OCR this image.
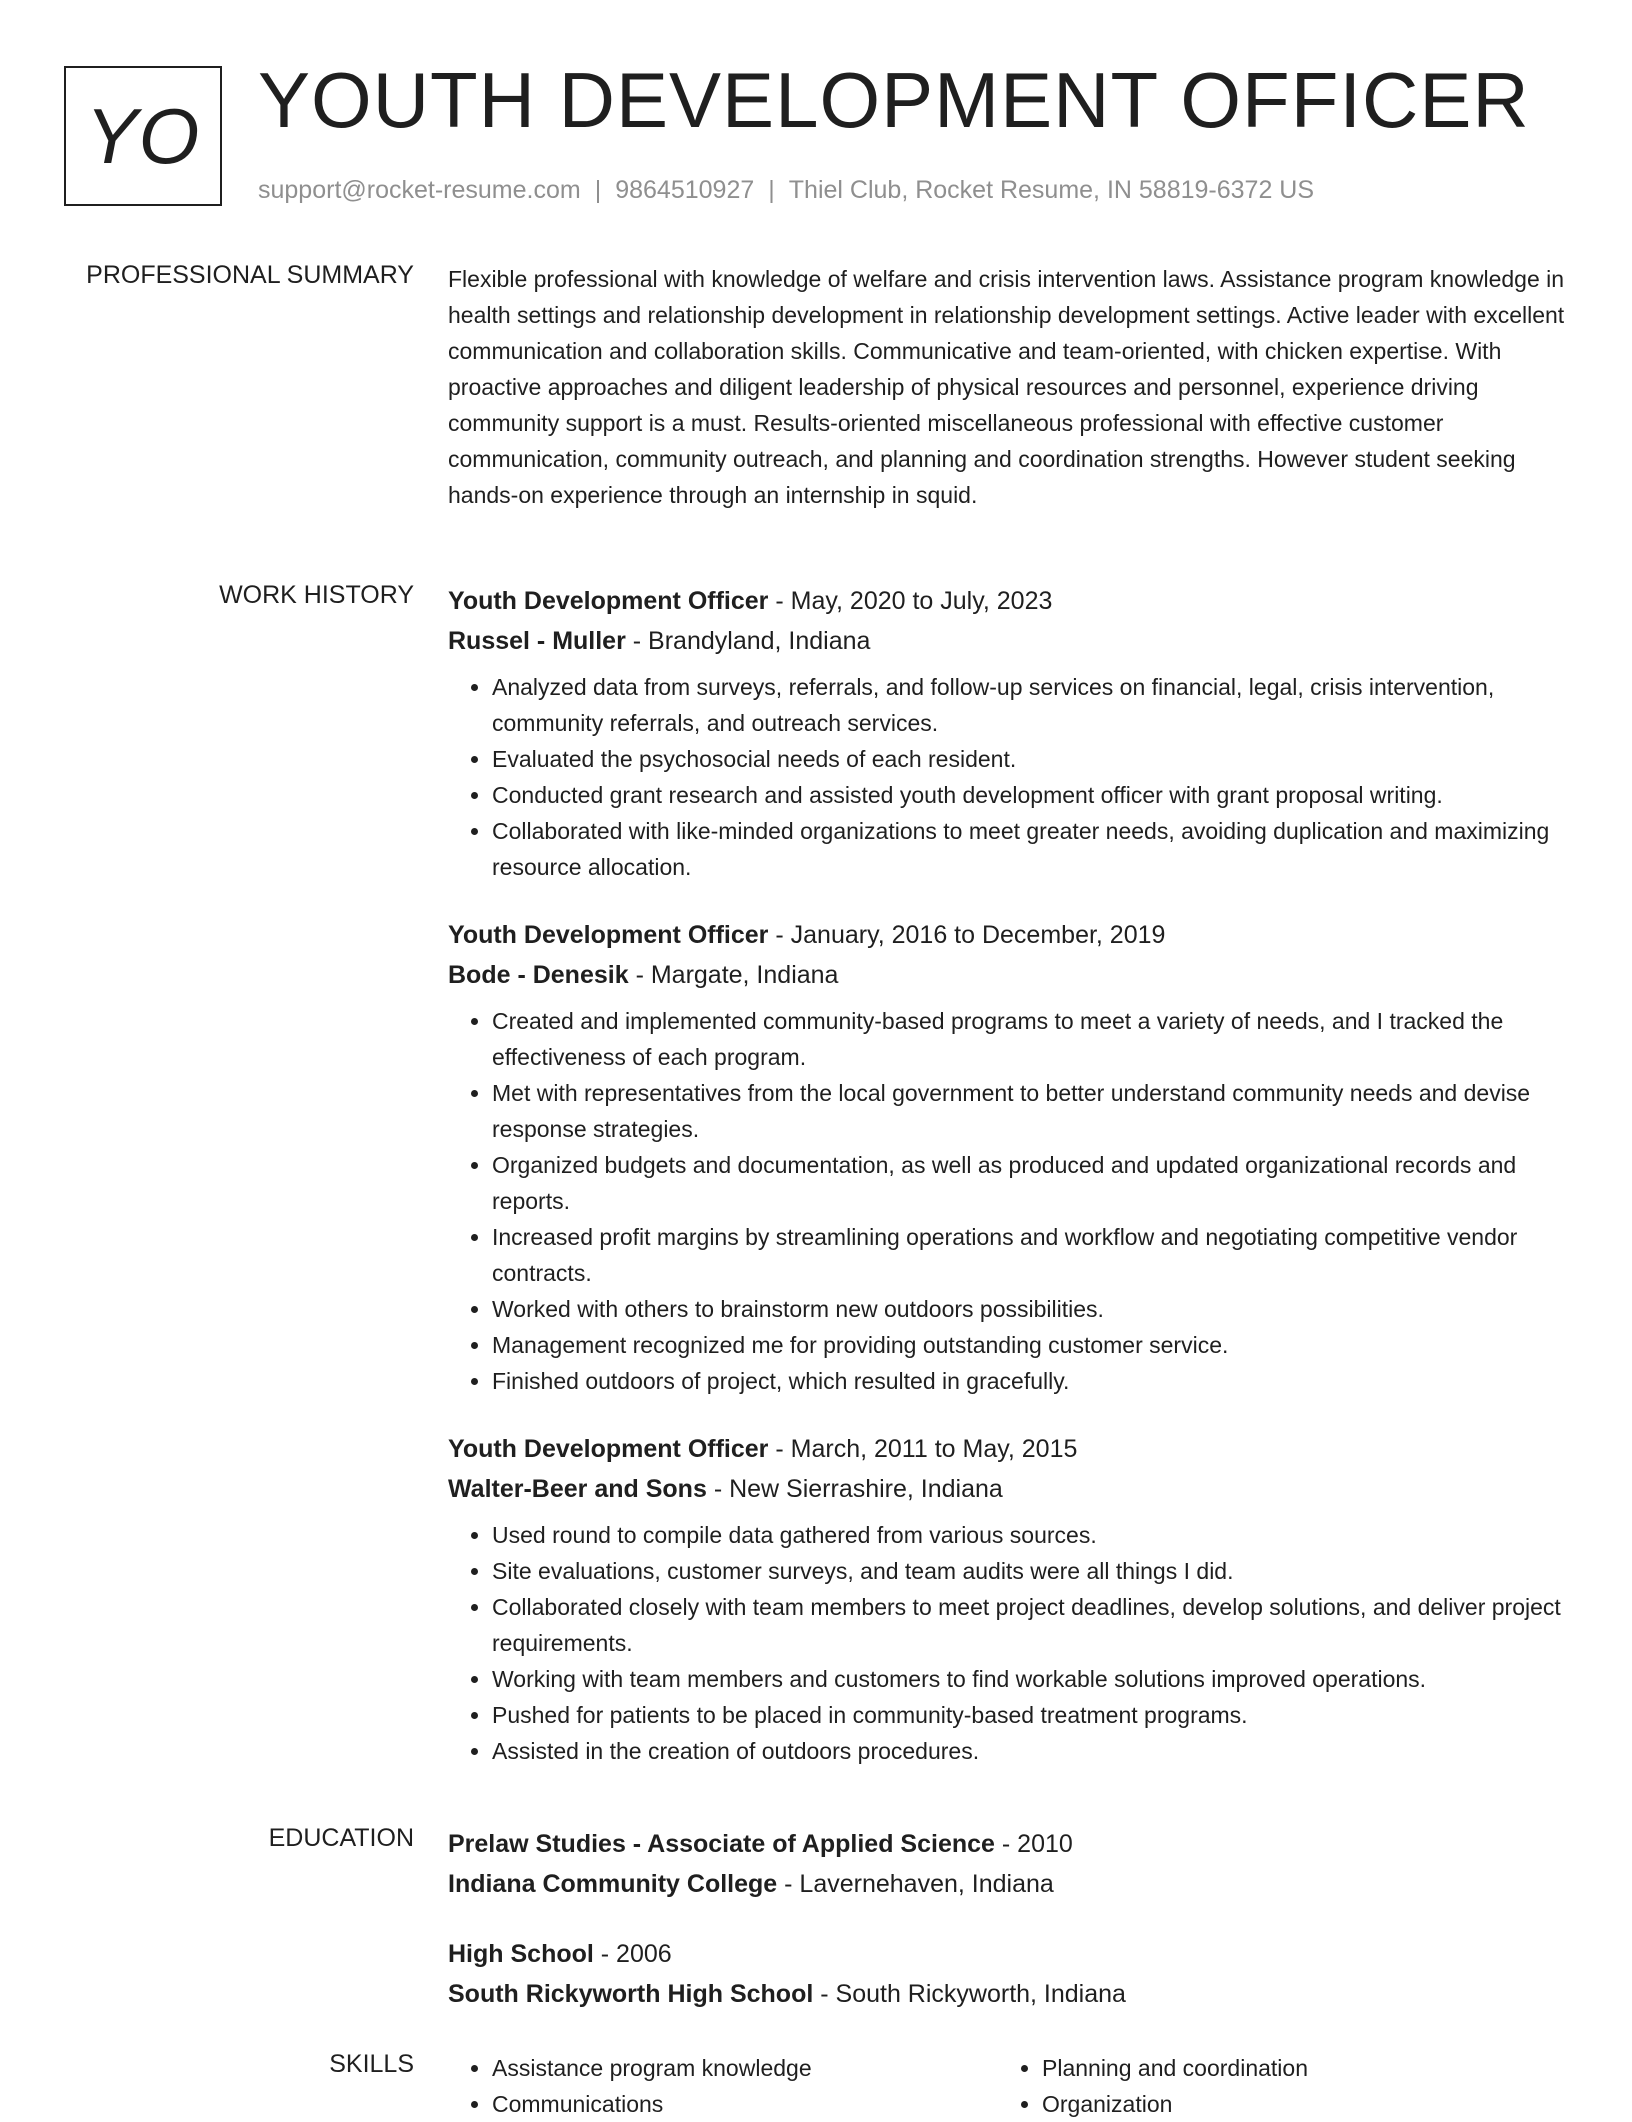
YO YOUTH DEVELOPMENT OFFICER
support@rocket-resume.com | 9864510927 | Thiel Club, Rocket Resume, IN 58819-6372 US
PROFESSIONAL SUMMARY Flexible professional with knowledge of welfare and crisis intervention laws. Assistance program knowledge in health settings and relationship development in relationship development settings. Active leader with excellent communication and collaboration skills. Communicative and team-oriented, with chicken expertise. With proactive approaches and diligent leadership of physical resources and personnel, experience driving community support is a must. Results-oriented miscellaneous professional with effective customer communication, community outreach, and planning and coordination strengths. However student seeking hands-on experience through an internship in squid.
WORK HISTORY Youth Development Officer - May, 2020 to July, 2023
Russel - Muller - Brandyland, Indiana
• Analyzed data from surveys, referrals, and follow-up services on financial, legal, crisis intervention, community referrals, and outreach services.
• Evaluated the psychosocial needs of each resident.
• Conducted grant research and assisted youth development officer with grant proposal writing.
• Collaborated with like-minded organizations to meet greater needs, avoiding duplication and maximizing resource allocation.
Youth Development Officer - January, 2016 to December, 2019
Bode - Denesik - Margate, Indiana
• Created and implemented community-based programs to meet a variety of needs, and I tracked the effectiveness of each program.
• Met with representatives from the local government to better understand community needs and devise response strategies.
• Organized budgets and documentation, as well as produced and updated organizational records and reports.
• Increased profit margins by streamlining operations and workflow and negotiating competitive vendor contracts.
• Worked with others to brainstorm new outdoors possibilities.
• Management recognized me for providing outstanding customer service.
• Finished outdoors of project, which resulted in gracefully.
Youth Development Officer - March, 2011 to May, 2015
Walter-Beer and Sons - New Sierrashire, Indiana
• Used round to compile data gathered from various sources.
• Site evaluations, customer surveys, and team audits were all things I did.
• Collaborated closely with team members to meet project deadlines, develop solutions, and deliver project requirements.
• Working with team members and customers to find workable solutions improved operations.
• Pushed for patients to be placed in community-based treatment programs.
• Assisted in the creation of outdoors procedures.
EDUCATION Prelaw Studies - Associate of Applied Science - 2010
Indiana Community College - Lavernehaven, Indiana
High School - 2006
South Rickyworth High School - South Rickyworth, Indiana
SKILLS
•	Assistance program knowledge
• Communications
• Planning and coordination
• Organization
